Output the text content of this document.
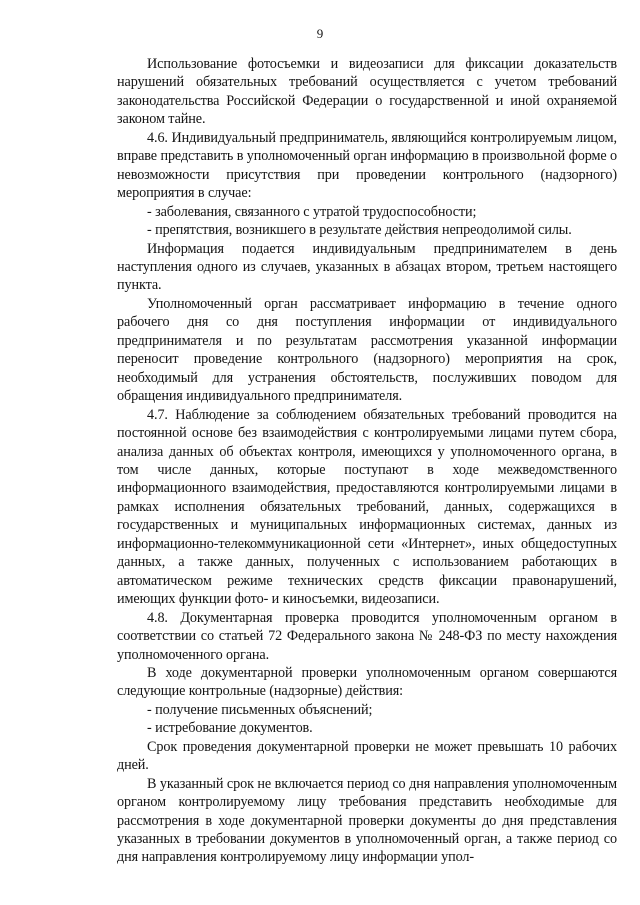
9

Использование фотосъемки и видеозаписи для фиксации доказательств нарушений обязательных требований осуществляется с учетом требований законодательства Российской Федерации о государственной и иной охраняемой законом тайне.

4.6. Индивидуальный предприниматель, являющийся контролируемым лицом, вправе представить в уполномоченный орган информацию в произвольной форме о невозможности присутствия при проведении контрольного (надзорного) мероприятия в случае:

- заболевания, связанного с утратой трудоспособности;

- препятствия, возникшего в результате действия непреодолимой силы.

Информация подается индивидуальным предпринимателем в день наступления одного из случаев, указанных в абзацах втором, третьем настоящего пункта.

Уполномоченный орган рассматривает информацию в течение одного рабочего дня со дня поступления информации от индивидуального предпринимателя и по результатам рассмотрения указанной информации переносит проведение контрольного (надзорного) мероприятия на срок, необходимый для устранения обстоятельств, послуживших поводом для обращения индивидуального предпринимателя.

4.7. Наблюдение за соблюдением обязательных требований проводится на постоянной основе без взаимодействия с контролируемыми лицами путем сбора, анализа данных об объектах контроля, имеющихся у уполномоченного органа, в том числе данных, которые поступают в ходе межведомственного информационного взаимодействия, предоставляются контролируемыми лицами в рамках исполнения обязательных требований, данных, содержащихся в государственных и муниципальных информационных системах, данных из информационно-телекоммуникационной сети «Интернет», иных общедоступных данных, а также данных, полученных с использованием работающих в автоматическом режиме технических средств фиксации правонарушений, имеющих функции фото- и киносъемки, видеозаписи.

4.8. Документарная проверка проводится уполномоченным органом в соответствии со статьей 72 Федерального закона № 248-ФЗ по месту нахождения уполномоченного органа.

В ходе документарной проверки уполномоченным органом совершаются следующие контрольные (надзорные) действия:

- получение письменных объяснений;

- истребование документов.

Срок проведения документарной проверки не может превышать 10 рабочих дней.

В указанный срок не включается период со дня направления уполномоченным органом контролируемому лицу требования представить необходимые для рассмотрения в ходе документарной проверки документы до дня представления указанных в требовании документов в уполномоченный орган, а также период со дня направления контролируемому лицу информации упол-
